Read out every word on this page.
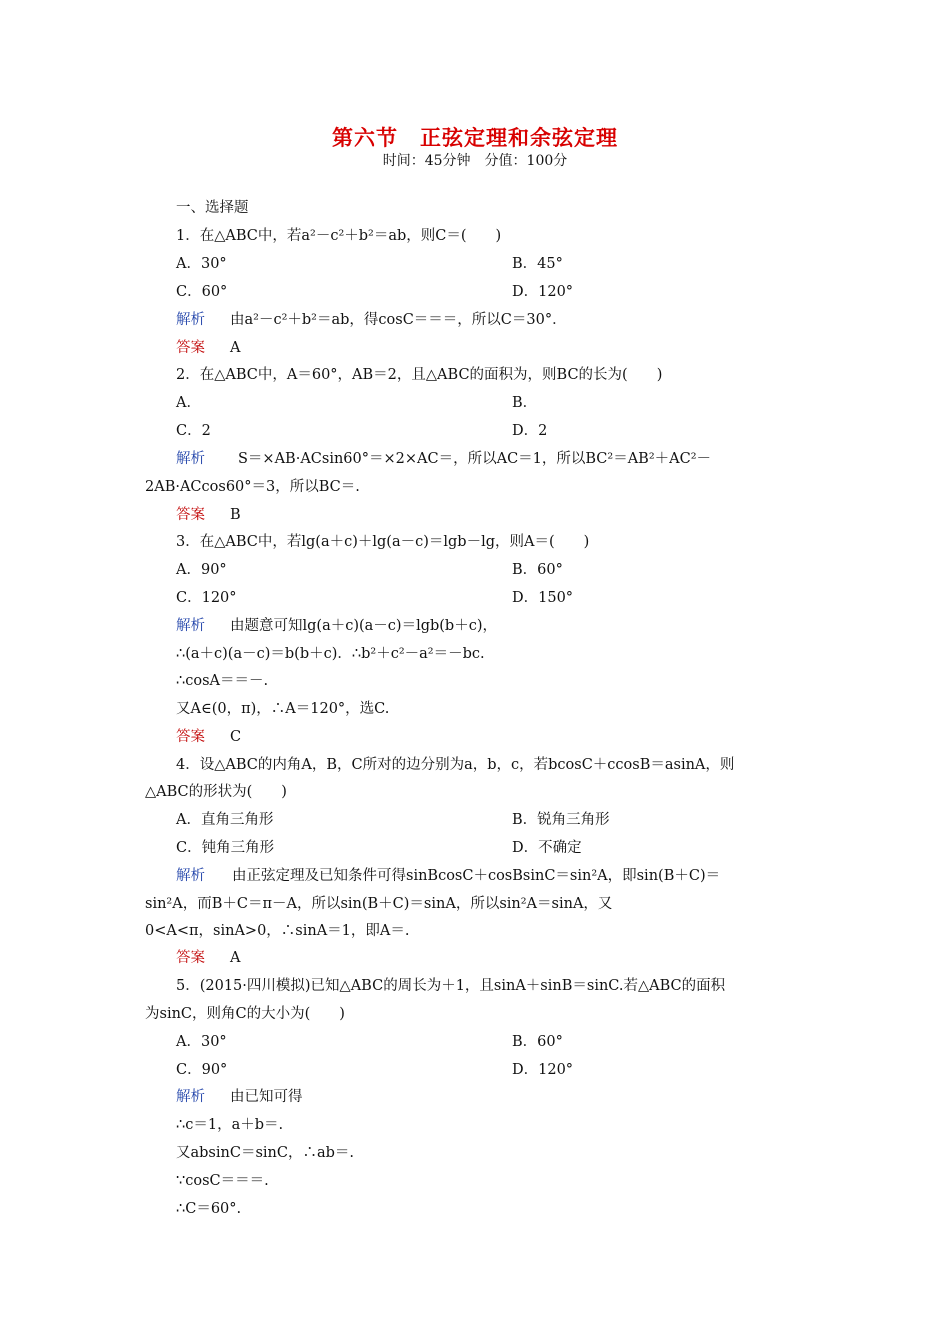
第六节　正弦定理和余弦定理
时间：45分钟　分值：100分
一、选择题
1．在△ABC中，若a²－c²＋b²＝ab，则C＝(　　)
A．30°	B．45°
C．60°	D．120°
解析 由a²－c²＋b²＝ab，得cosC＝＝＝，所以C＝30°．
答案 A
2．在△ABC中，A＝60°，AB＝2，且△ABC的面积为，则BC的长为(　　)
A．	B．
C．2	D．2
解析 S＝×AB·ACsin60°＝×2×AC＝，所以AC＝1，所以BC²＝AB²＋AC²－
2AB·ACcos60°＝3，所以BC＝.
答案 B
3．在△ABC中，若lg(a＋c)＋lg(a－c)＝lgb－lg，则A＝(　　)
A．90°	B．60°
C．120°	D．150°
解析 由题意可知lg(a＋c)(a－c)＝lgb(b＋c)，
∴(a＋c)(a－c)＝b(b＋c)．∴b²＋c²－a²＝－bc.
∴cosA＝＝－.
又A∈(0，π)，∴A＝120°，选C.
答案 C
4．设△ABC的内角A，B，C所对的边分别为a，b，c，若bcosC＋ccosB＝asinA，则
△ABC的形状为(　　)
A．直角三角形	B．锐角三角形
C．钝角三角形	D．不确定
解析 由正弦定理及已知条件可得sinBcosC＋cosBsinC＝sin²A，即sin(B＋C)＝
sin²A，而B＋C＝π－A，所以sin(B＋C)＝sinA，所以sin²A＝sinA，又
0<A<π，sinA>0，∴sinA＝1，即A＝.
答案 A
5．(2015·四川模拟)已知△ABC的周长为＋1，且sinA＋sinB＝sinC.若△ABC的面积
为sinC，则角C的大小为(　　)
A．30°	B．60°
C．90°	D．120°
解析 由已知可得
∴c＝1，a＋b＝.
又absinC＝sinC，∴ab＝.
∵cosC＝＝＝.
∴C＝60°.
